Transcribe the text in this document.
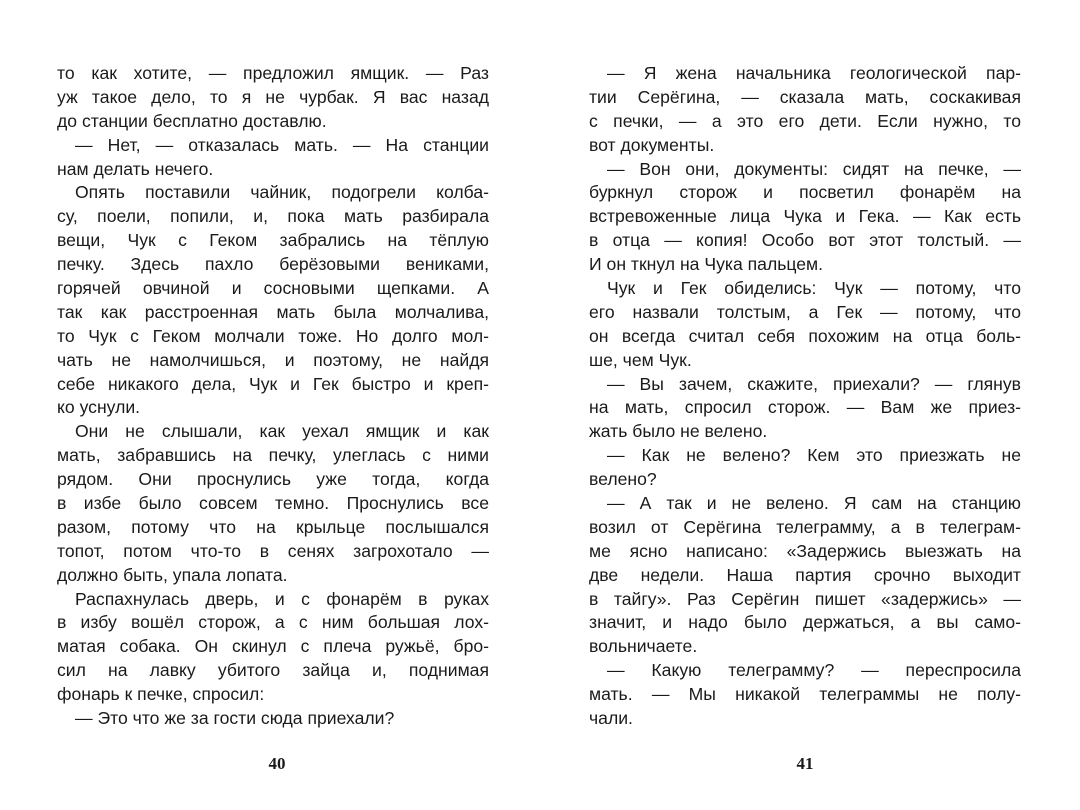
то как хотите, — предложил ямщик. — Раз
уж такое дело, то я не чурбак. Я вас назад
до станции бесплатно доставлю.
— Нет, — отказалась мать. — На станции
нам делать нечего.
Опять поставили чайник, подогрели колба-
су, поели, попили, и, пока мать разбирала
вещи, Чук с Геком забрались на тёплую
печку. Здесь пахло берёзовыми вениками,
горячей овчиной и сосновыми щепками. А
так как расстроенная мать была молчалива,
то Чук с Геком молчали тоже. Но долго мол-
чать не намолчишься, и поэтому, не найдя
себе никакого дела, Чук и Гек быстро и креп-
ко уснули.
Они не слышали, как уехал ямщик и как
мать, забравшись на печку, улеглась с ними
рядом. Они проснулись уже тогда, когда
в избе было совсем темно. Проснулись все
разом, потому что на крыльце послышался
топот, потом что-то в сенях загрохотало —
должно быть, упала лопата.
Распахнулась дверь, и с фонарём в руках
в избу вошёл сторож, а с ним большая лох-
матая собака. Он скинул с плеча ружьё, бро-
сил на лавку убитого зайца и, поднимая
фонарь к печке, спросил:
— Это что же за гости сюда приехали?
— Я жена начальника геологической пар-
тии Серёгина, — сказала мать, соскакивая
с печки, — а это его дети. Если нужно, то
вот документы.
— Вон они, документы: сидят на печке, —
буркнул сторож и посветил фонарём на
встревоженные лица Чука и Гека. — Как есть
в отца — копия! Особо вот этот толстый. —
И он ткнул на Чука пальцем.
Чук и Гек обиделись: Чук — потому, что
его назвали толстым, а Гек — потому, что
он всегда считал себя похожим на отца боль-
ше, чем Чук.
— Вы зачем, скажите, приехали? — глянув
на мать, спросил сторож. — Вам же приез-
жать было не велено.
— Как не велено? Кем это приезжать не
велено?
— А так и не велено. Я сам на станцию
возил от Серёгина телеграмму, а в телеграм-
ме ясно написано: «Задержись выезжать на
две недели. Наша партия срочно выходит
в тайгу». Раз Серёгин пишет «задержись» —
значит, и надо было держаться, а вы само-
вольничаете.
— Какую телеграмму? — переспросила
мать. — Мы никакой телеграммы не полу-
чали.
40	41
